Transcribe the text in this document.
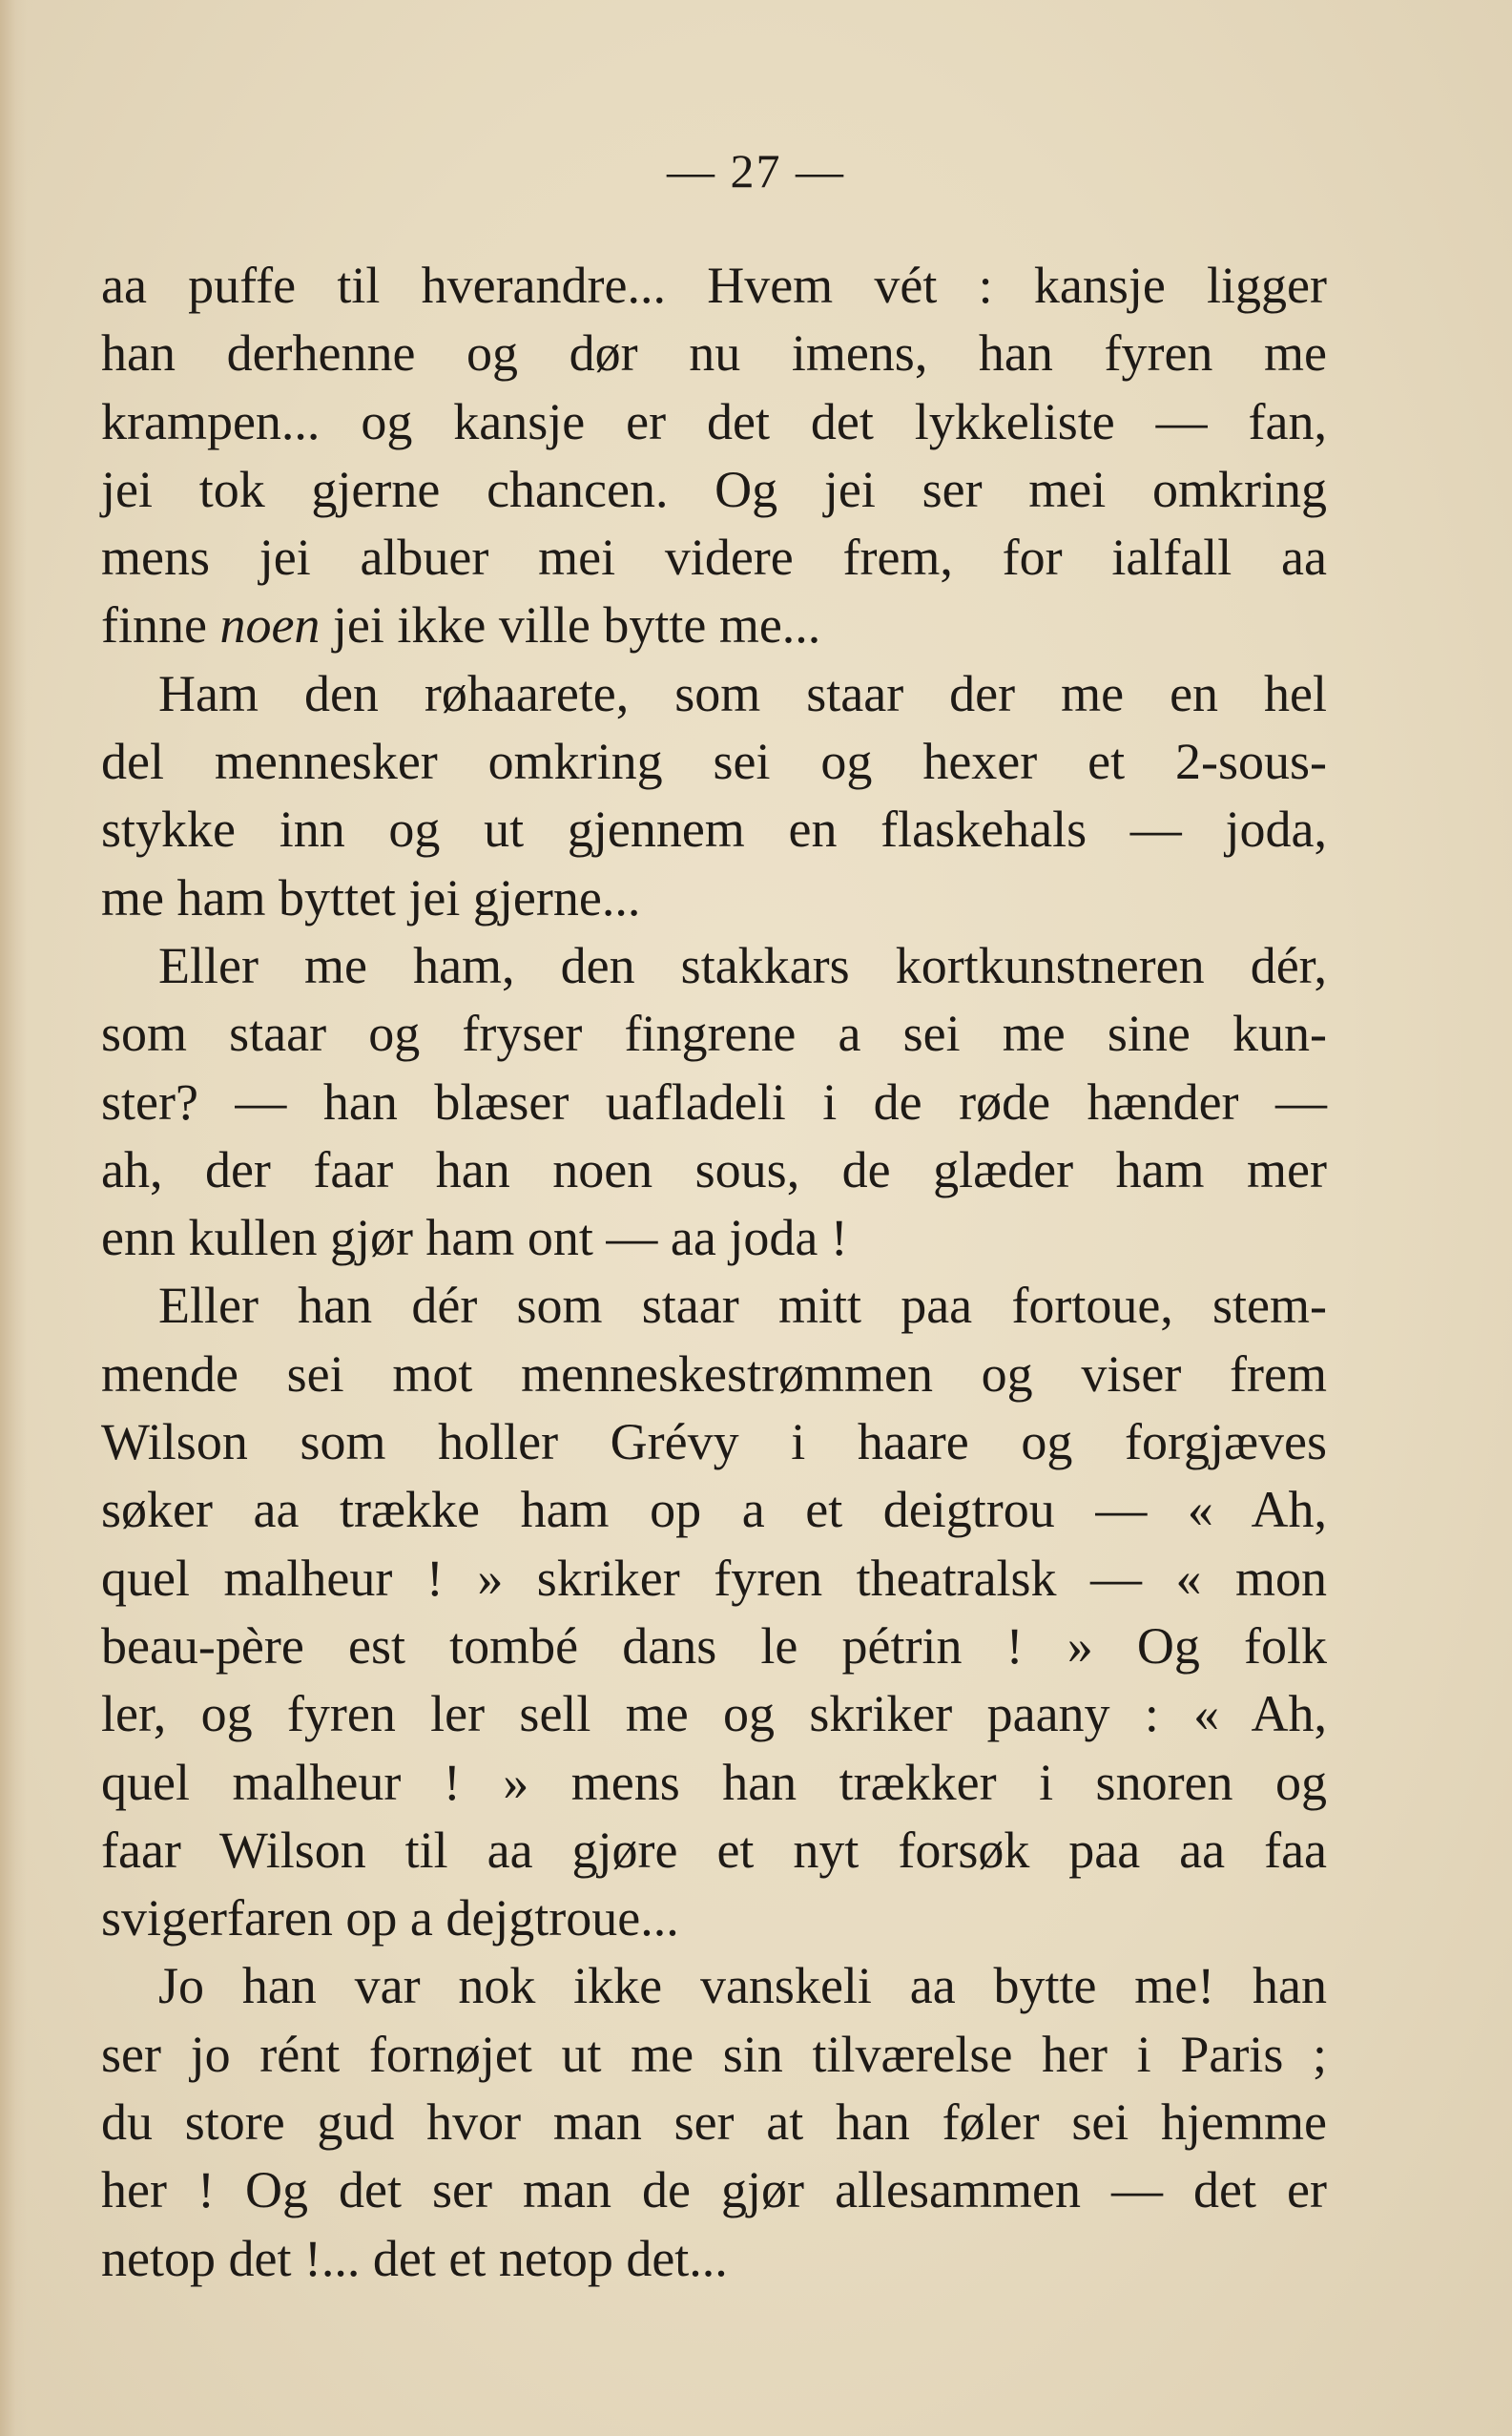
— 27 —
aa puffe til hverandre... Hvem vét : kansje ligger
han derhenne og dør nu imens, han fyren me
krampen... og kansje er det det lykkeliste — fan,
jei tok gjerne chancen. Og jei ser mei omkring
mens jei albuer mei videre frem, for ialfall aa
finne noen jei ikke ville bytte me...
Ham den røhaarete, som staar der me en hel
del mennesker omkring sei og hexer et 2-sous-
stykke inn og ut gjennem en flaskehals — joda,
me ham byttet jei gjerne...
Eller me ham, den stakkars kortkunstneren dér,
som staar og fryser fingrene a sei me sine kun-
ster? — han blæser uafladeli i de røde hænder —
ah, der faar han noen sous, de glæder ham mer
enn kullen gjør ham ont — aa joda !
Eller han dér som staar mitt paa fortoue, stem-
mende sei mot menneskestrømmen og viser frem
Wilson som holler Grévy i haare og forgjæves
søker aa trække ham op a et deigtrou — « Ah,
quel malheur ! » skriker fyren theatralsk — « mon
beau-père est tombé dans le pétrin ! » Og folk
ler, og fyren ler sell me og skriker paany : « Ah,
quel malheur ! » mens han trækker i snoren og
faar Wilson til aa gjøre et nyt forsøk paa aa faa
svigerfaren op a dejgtroue...
Jo han var nok ikke vanskeli aa bytte me! han
ser jo rént fornøjet ut me sin tilværelse her i Paris ;
du store gud hvor man ser at han føler sei hjemme
her ! Og det ser man de gjør allesammen — det er
netop det !... det et netop det...
